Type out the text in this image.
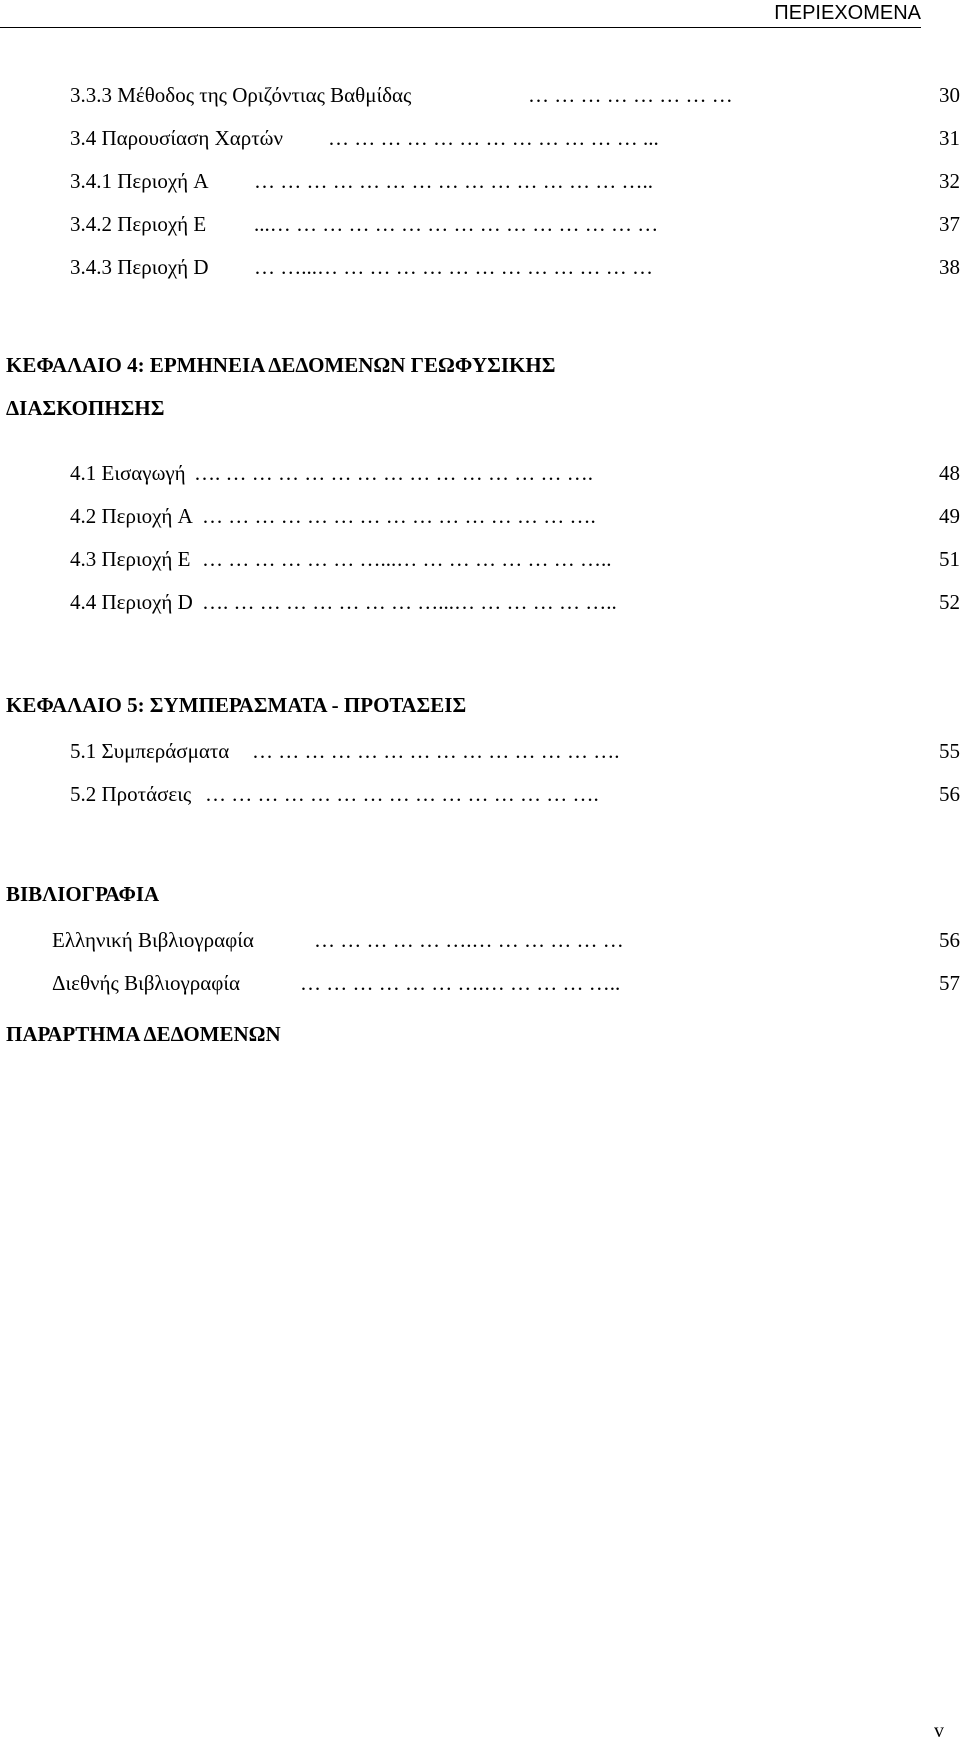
ΠΕΡΙΕΧΟΜΕΝΑ
3.3.3 Μέθοδος της Οριζόντιας Βαθμίδας	… … … … … … … …	30
3.4 Παρουσίαση Χαρτών … … … … … … … … … … … … ...	31
3.4.1 Περιοχή A … … … … … … … … … … … … … … …..	32
3.4.2 Περιοχή E ...… … … … … … … … … … … … … … …	37
3.4.3 Περιοχή D … …...… … … … … … … … … … … … …	38
ΚΕΦΑΛΑΙΟ 4: ΕΡΜΗΝΕΙΑ ΔΕΔΟΜΕΝΩΝ ΓΕΩΦΥΣΙΚΗΣ
ΔΙΑΣΚΟΠΗΣΗΣ
4.1 Εισαγωγή …. … … … … … … … … … … … … … ….	48
4.2 Περιοχή A … … … … … … … … … … … … … … ….	49
4.3 Περιοχή E … … … … … … …...… … … … … … … …..	51
4.4 Περιοχή D …. … … … … … … … …...… … … … … …..	52
ΚΕΦΑΛΑΙΟ 5: ΣΥΜΠΕΡΑΣΜΑΤΑ - ΠΡΟΤΑΣΕΙΣ
5.1 Συμπεράσματα … … … … … … … … … … … … … ….	55
5.2 Προτάσεις … … … … … … … … … … … … … … ….	56
ΒΙΒΛΙΟΓΡΑΦΙΑ
Ελληνική Βιβλιογραφία	… … … … … ….… … … … … …	56
Διεθνής Βιβλιογραφία	… … … … … … ….… … … … …..	57
ΠΑΡΑΡΤΗΜΑ ΔΕΔΟΜΕΝΩΝ
v
